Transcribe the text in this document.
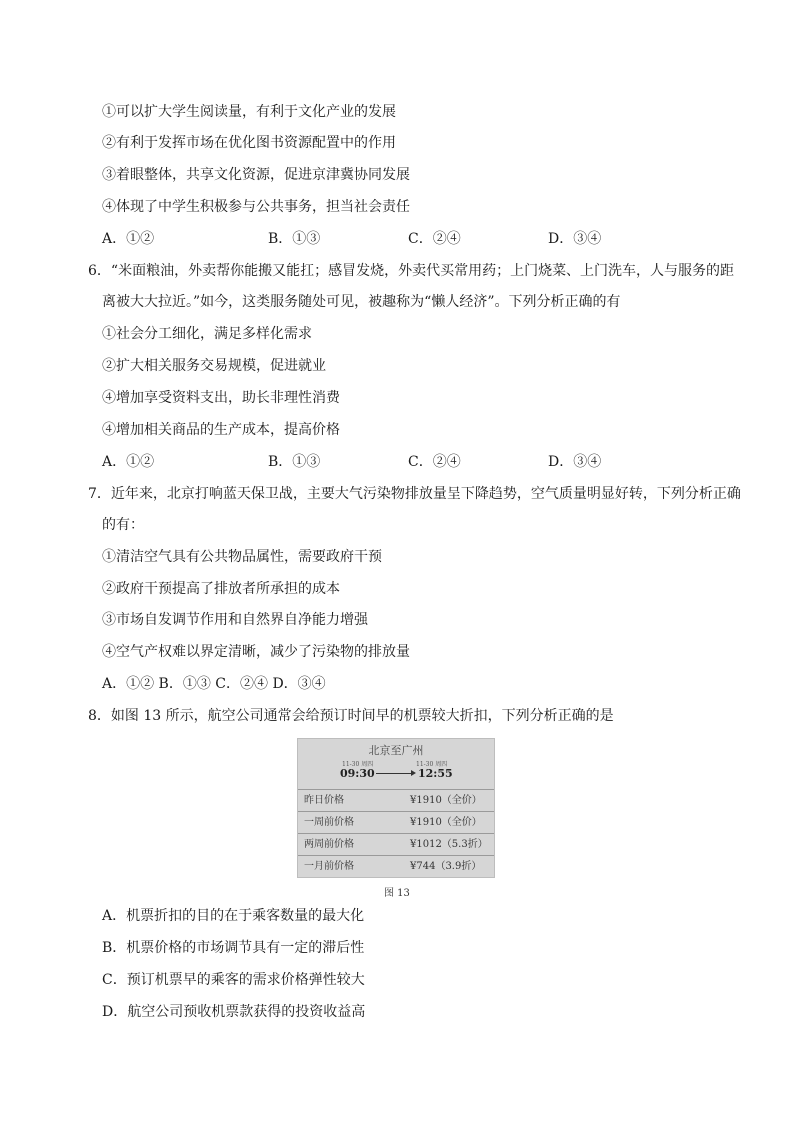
①可以扩大学生阅读量，有利于文化产业的发展
②有利于发挥市场在优化图书资源配置中的作用
③着眼整体，共享文化资源，促进京津冀协同发展
④体现了中学生积极参与公共事务，担当社会责任
A．①②	B．①③	C．②④	D．③④
6．“米面粮油，外卖帮你能搬又能扛；感冒发烧，外卖代买常用药；上门烧菜、上门洗车，人与服务的距
离被大大拉近。”如今，这类服务随处可见，被趣称为“懒人经济”。下列分析正确的有
①社会分工细化，满足多样化需求
②扩大相关服务交易规模，促进就业
④增加享受资料支出，助长非理性消费
④增加相关商品的生产成本，提高价格
A．①②	B．①③	C．②④	D．③④
7．近年来，北京打响蓝天保卫战，主要大气污染物排放量呈下降趋势，空气质量明显好转，下列分析正确
的有：
①清洁空气具有公共物品属性，需要政府干预
②政府干预提高了排放者所承担的成本
③市场自发调节作用和自然界自净能力增强
④空气产权难以界定清晰，减少了污染物的排放量
A．①② B．①③ C．②④ D．③④
8．如图 13 所示，航空公司通常会给预订时间早的机票较大折扣，下列分析正确的是
北京至广州
11-30 周四	11-30 周四
09:30	12:55
昨日价格	¥1910（全价）
一周前价格	¥1910（全价）
两周前价格	¥1012（5.3折）
一月前价格	¥744（3.9折）
图 13
A．机票折扣的目的在于乘客数量的最大化
B．机票价格的市场调节具有一定的滞后性
C．预订机票早的乘客的需求价格弹性较大
D．航空公司预收机票款获得的投资收益高
